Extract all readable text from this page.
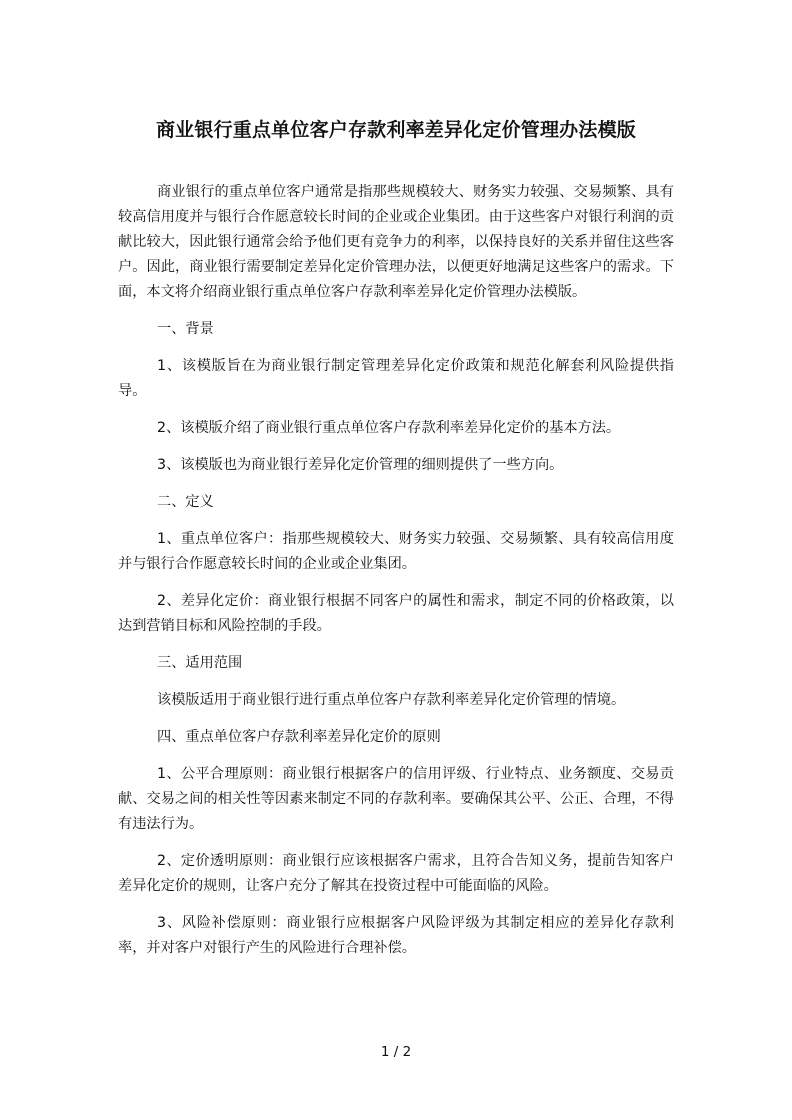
商业银行重点单位客户存款利率差异化定价管理办法模版

商业银行的重点单位客户通常是指那些规模较大、财务实力较强、交易频繁、具有较高信用度并与银行合作愿意较长时间的企业或企业集团。由于这些客户对银行利润的贡献比较大，因此银行通常会给予他们更有竞争力的利率，以保持良好的关系并留住这些客户。因此，商业银行需要制定差异化定价管理办法，以便更好地满足这些客户的需求。下面，本文将介绍商业银行重点单位客户存款利率差异化定价管理办法模版。

一、背景

1、该模版旨在为商业银行制定管理差异化定价政策和规范化解套利风险提供指导。

2、该模版介绍了商业银行重点单位客户存款利率差异化定价的基本方法。

3、该模版也为商业银行差异化定价管理的细则提供了一些方向。

二、定义

1、重点单位客户：指那些规模较大、财务实力较强、交易频繁、具有较高信用度并与银行合作愿意较长时间的企业或企业集团。

2、差异化定价：商业银行根据不同客户的属性和需求，制定不同的价格政策，以达到营销目标和风险控制的手段。

三、适用范围

该模版适用于商业银行进行重点单位客户存款利率差异化定价管理的情境。

四、重点单位客户存款利率差异化定价的原则

1、公平合理原则：商业银行根据客户的信用评级、行业特点、业务额度、交易贡献、交易之间的相关性等因素来制定不同的存款利率。要确保其公平、公正、合理，不得有违法行为。

2、定价透明原则：商业银行应该根据客户需求，且符合告知义务，提前告知客户差异化定价的规则，让客户充分了解其在投资过程中可能面临的风险。

3、风险补偿原则：商业银行应根据客户风险评级为其制定相应的差异化存款利率，并对客户对银行产生的风险进行合理补偿。

1 / 2
